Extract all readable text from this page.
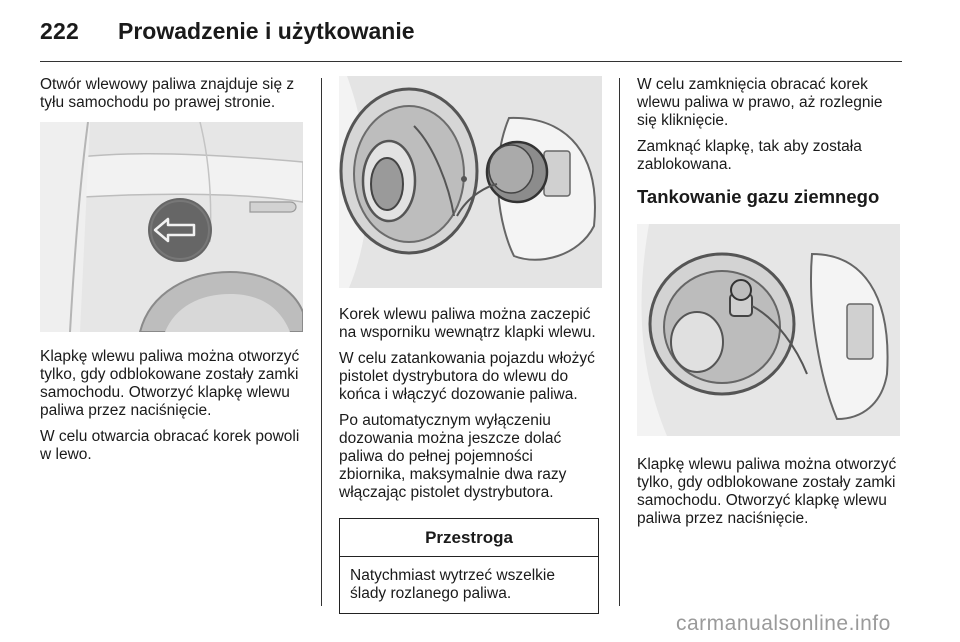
222 Prowadzenie i użytkowanie

Otwór wlewowy paliwa znajduje się z tyłu samochodu po prawej stronie.

Klapkę wlewu paliwa można otworzyć tylko, gdy odblokowane zostały zamki samochodu. Otworzyć klapkę wlewu paliwa przez naciśnięcie.

W celu otwarcia obracać korek powoli w lewo.

Korek wlewu paliwa można zaczepić na wsporniku wewnątrz klapki wlewu.

W celu zatankowania pojazdu włożyć pistolet dystrybutora do wlewu do końca i włączyć dozowanie paliwa.

Po automatycznym wyłączeniu dozowania można jeszcze dolać paliwa do pełnej pojemności zbiornika, maksymalnie dwa razy włączając pistolet dystrybutora.

Przestroga
Natychmiast wytrzeć wszelkie ślady rozlanego paliwa.

W celu zamknięcia obracać korek wlewu paliwa w prawo, aż rozlegnie się kliknięcie.

Zamknąć klapkę, tak aby została zablokowana.

Tankowanie gazu ziemnego

Klapkę wlewu paliwa można otworzyć tylko, gdy odblokowane zostały zamki samochodu. Otworzyć klapkę wlewu paliwa przez naciśnięcie.

carmanualsonline.info
